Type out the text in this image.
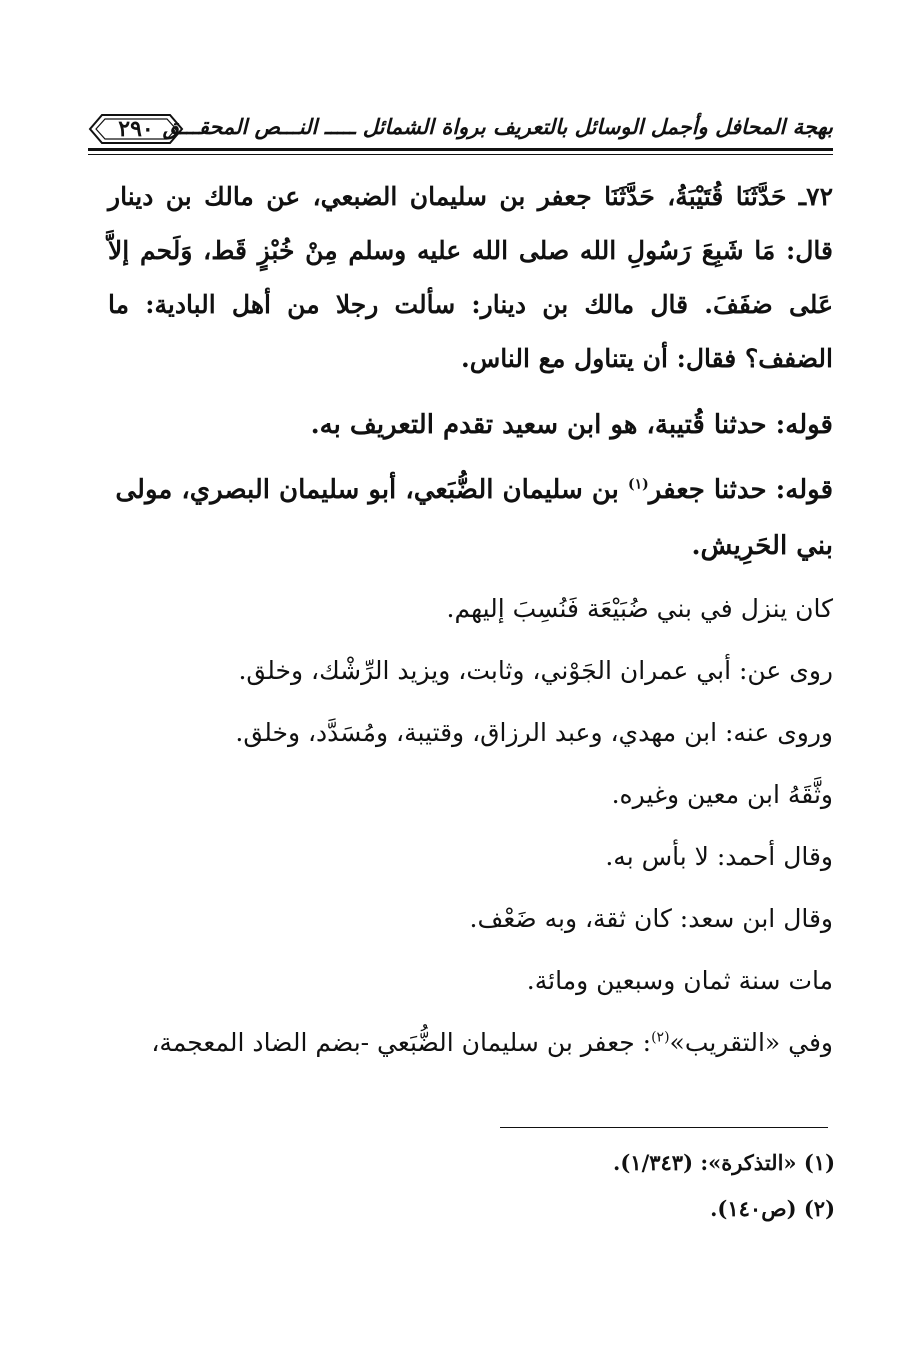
بهجة المحافل وأجمل الوسائل بالتعريف برواة الشمائل ـــــ النـــص المحقـــق
٢٩٠

٧٢ـ حَدَّثَنَا قُتَيْبَةُ، حَدَّثَنَا جعفر بن سليمان الضبعي، عن مالك بن دينار قال: مَا شَبِعَ رَسُولِ الله صلى الله عليه وسلم مِنْ خُبْزٍ قَط، وَلَحم إلاَّ عَلى ضفَفَ. قال مالك بن دينار: سألت رجلا من أهل البادية: ما الضفف؟ فقال: أن يتناول مع الناس.

قوله: حدثنا قُتيبة، هو ابن سعيد تقدم التعريف به.

قوله: حدثنا جعفر$^{(١)}$ بن سليمان الضُّبَعي، أبو سليمان البصري، مولى بني الحَرِيش.

كان ينزل في بني ضُبَيْعَة فَنُسِبَ إليهم.

روى عن: أبي عمران الجَوْني، وثابت، ويزيد الرِّشْك، وخلق.

وروى عنه: ابن مهدي، وعبد الرزاق، وقتيبة، ومُسَدَّد، وخلق.

وثَّقَهُ ابن معين وغيره.

وقال أحمد: لا بأس به.

وقال ابن سعد: كان ثقة، وبه ضَعْف.

مات سنة ثمان وسبعين ومائة.

وفي «التقريب»$^{(٢)}$: جعفر بن سليمان الضُّبَعي -بضم الضاد المعجمة،

(١) «التذكرة»: (١/٣٤٣).

(٢) (ص١٤٠).
